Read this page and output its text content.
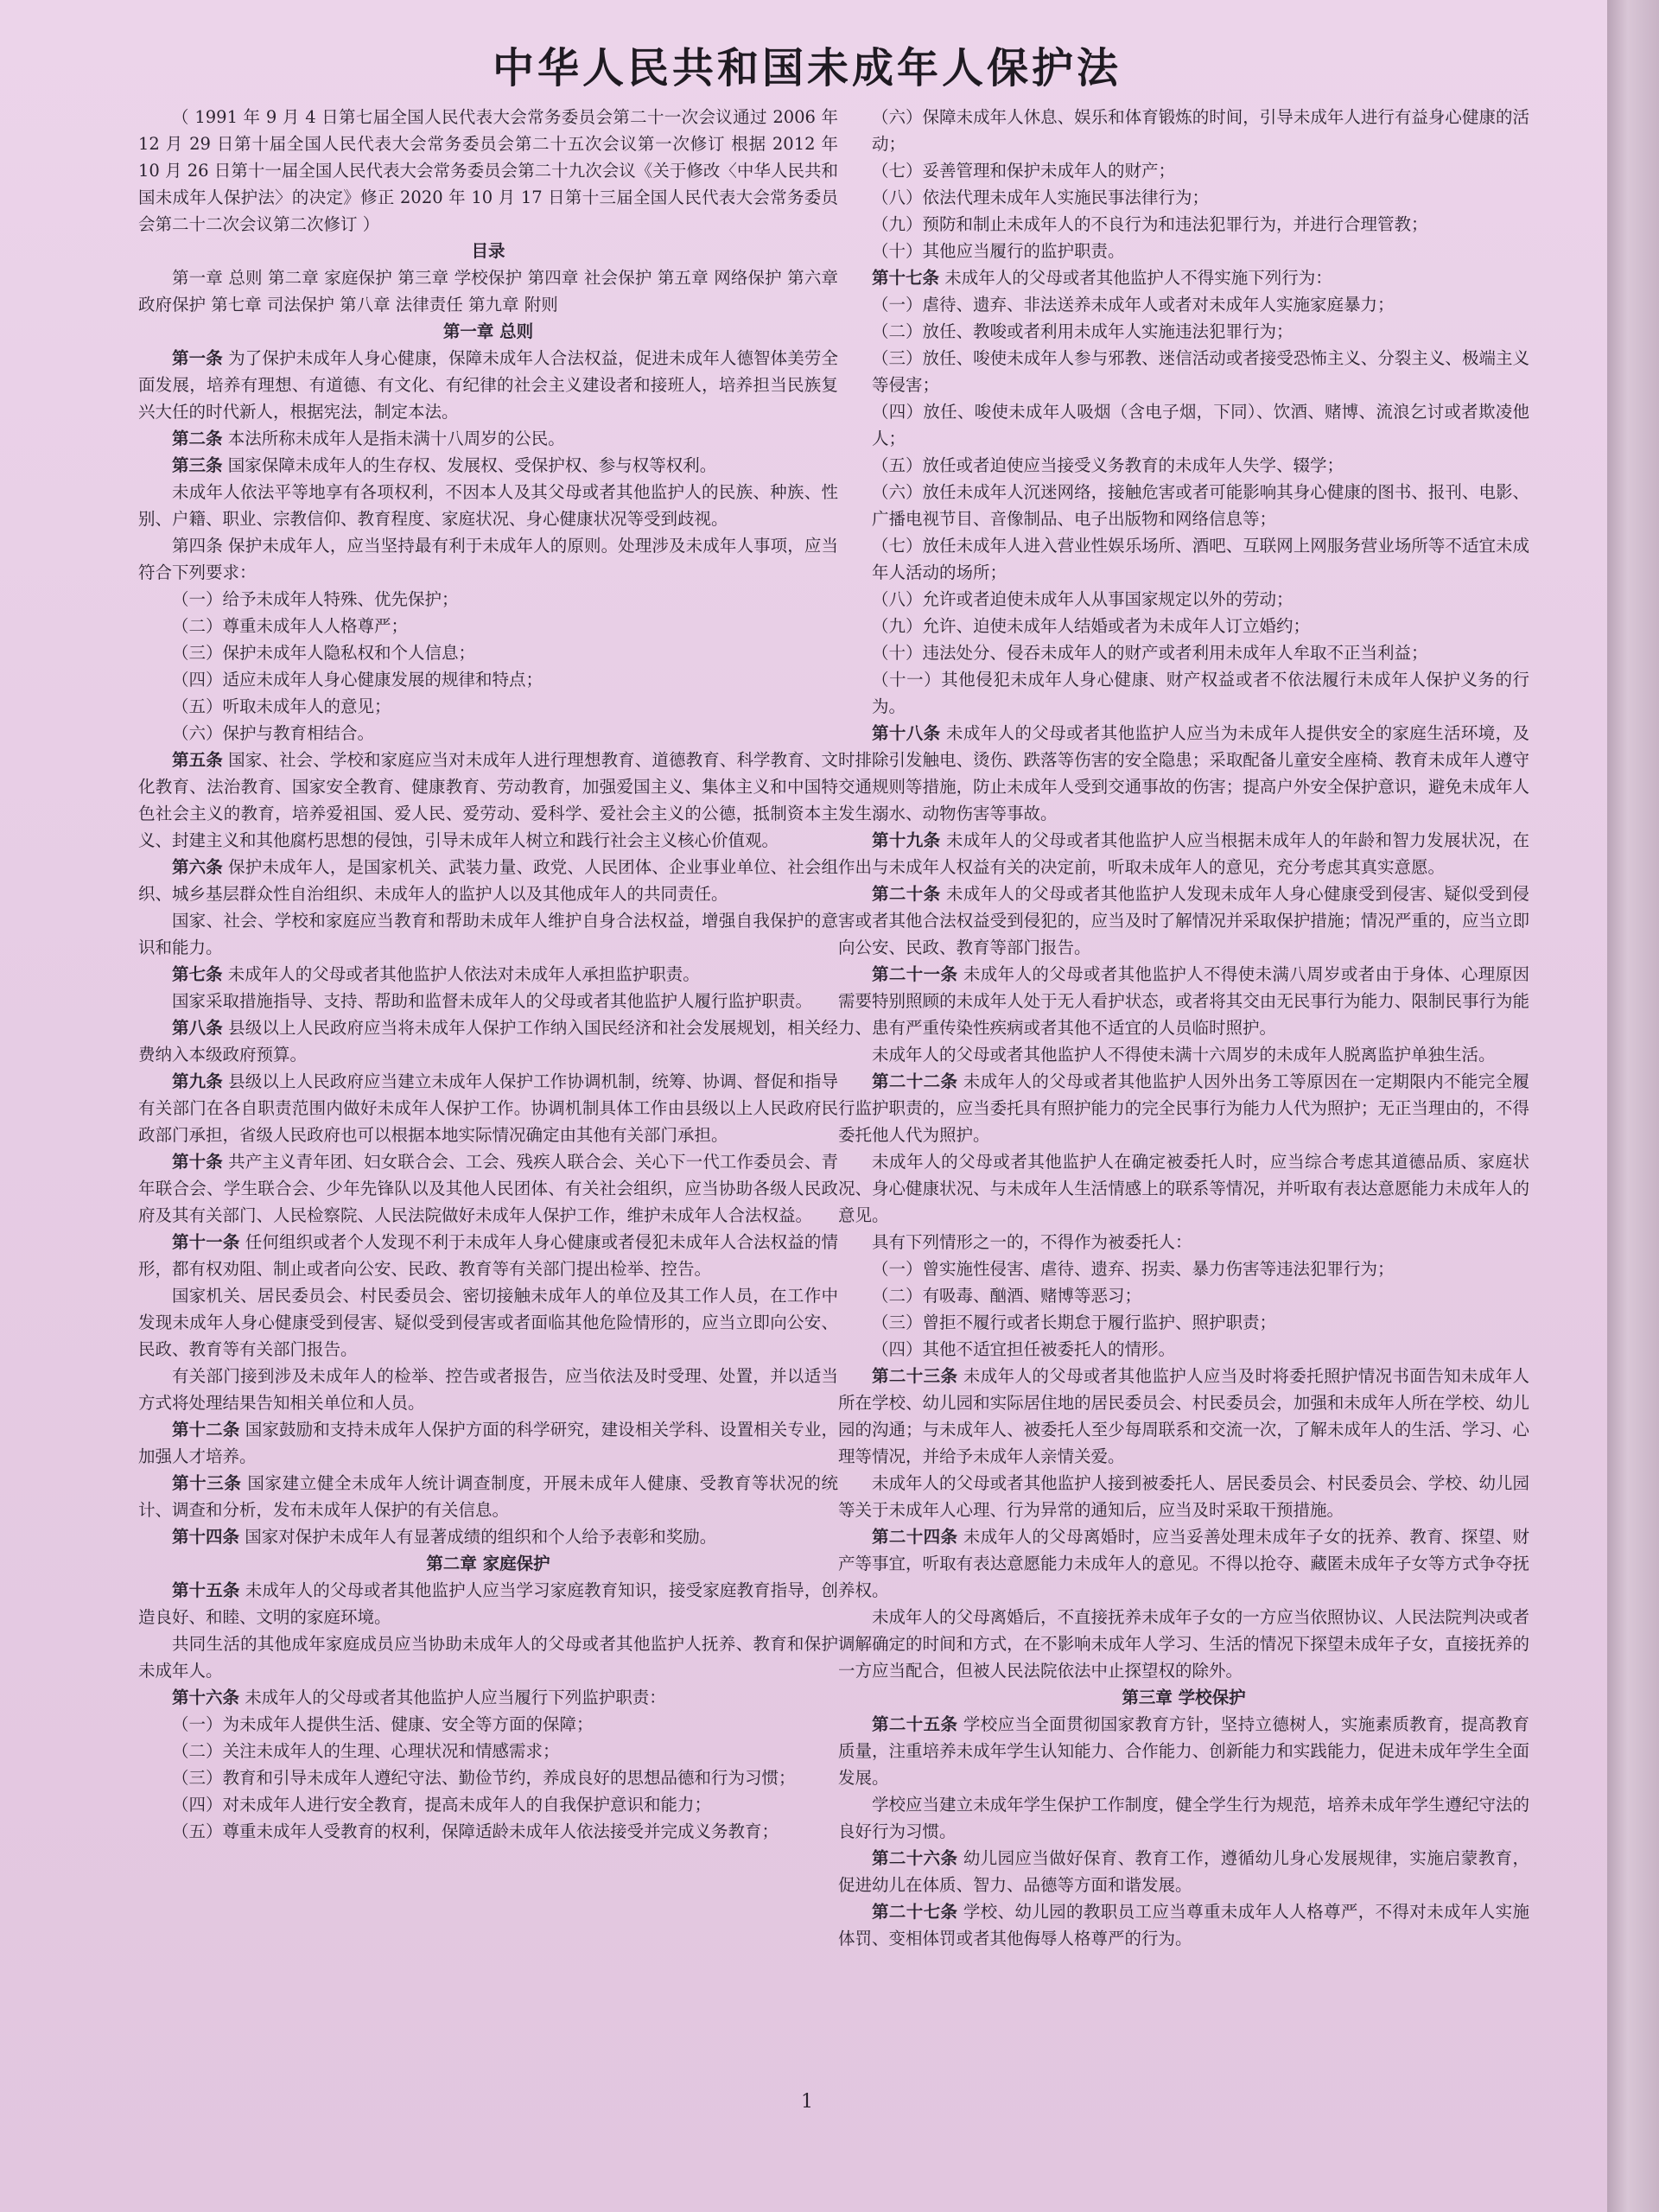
中华人民共和国未成年人保护法

（ 1991 年 9 月 4 日第七届全国人民代表大会常务委员会第二十一次会议通过 2006 年 12 月 29 日第十届全国人民代表大会常务委员会第二十五次会议第一次修订 根据 2012 年 10 月 26 日第十一届全国人民代表大会常务委员会第二十九次会议《关于修改〈中华人民共和国未成年人保护法〉的决定》修正 2020 年 10 月 17 日第十三届全国人民代表大会常务委员会第二十二次会议第二次修订 ）

目录

第一章 总则 第二章 家庭保护 第三章 学校保护 第四章 社会保护 第五章 网络保护 第六章 政府保护 第七章 司法保护 第八章 法律责任 第九章 附则

第一章 总则

第一条 为了保护未成年人身心健康，保障未成年人合法权益，促进未成年人德智体美劳全面发展，培养有理想、有道德、有文化、有纪律的社会主义建设者和接班人，培养担当民族复兴大任的时代新人，根据宪法，制定本法。

第二条 本法所称未成年人是指未满十八周岁的公民。

第三条 国家保障未成年人的生存权、发展权、受保护权、参与权等权利。

未成年人依法平等地享有各项权利，不因本人及其父母或者其他监护人的民族、种族、性别、户籍、职业、宗教信仰、教育程度、家庭状况、身心健康状况等受到歧视。

第四条 保护未成年人，应当坚持最有利于未成年人的原则。处理涉及未成年人事项，应当符合下列要求：

（一）给予未成年人特殊、优先保护；

（二）尊重未成年人人格尊严；

（三）保护未成年人隐私权和个人信息；

（四）适应未成年人身心健康发展的规律和特点；

（五）听取未成年人的意见；

（六）保护与教育相结合。

第五条 国家、社会、学校和家庭应当对未成年人进行理想教育、道德教育、科学教育、文化教育、法治教育、国家安全教育、健康教育、劳动教育，加强爱国主义、集体主义和中国特色社会主义的教育，培养爱祖国、爱人民、爱劳动、爱科学、爱社会主义的公德，抵制资本主义、封建主义和其他腐朽思想的侵蚀，引导未成年人树立和践行社会主义核心价值观。

第六条 保护未成年人，是国家机关、武装力量、政党、人民团体、企业事业单位、社会组织、城乡基层群众性自治组织、未成年人的监护人以及其他成年人的共同责任。

国家、社会、学校和家庭应当教育和帮助未成年人维护自身合法权益，增强自我保护的意识和能力。

第七条 未成年人的父母或者其他监护人依法对未成年人承担监护职责。

国家采取措施指导、支持、帮助和监督未成年人的父母或者其他监护人履行监护职责。

第八条 县级以上人民政府应当将未成年人保护工作纳入国民经济和社会发展规划，相关经费纳入本级政府预算。

第九条 县级以上人民政府应当建立未成年人保护工作协调机制，统筹、协调、督促和指导有关部门在各自职责范围内做好未成年人保护工作。协调机制具体工作由县级以上人民政府民政部门承担，省级人民政府也可以根据本地实际情况确定由其他有关部门承担。

第十条 共产主义青年团、妇女联合会、工会、残疾人联合会、关心下一代工作委员会、青年联合会、学生联合会、少年先锋队以及其他人民团体、有关社会组织，应当协助各级人民政府及其有关部门、人民检察院、人民法院做好未成年人保护工作，维护未成年人合法权益。

第十一条 任何组织或者个人发现不利于未成年人身心健康或者侵犯未成年人合法权益的情形，都有权劝阻、制止或者向公安、民政、教育等有关部门提出检举、控告。

国家机关、居民委员会、村民委员会、密切接触未成年人的单位及其工作人员，在工作中发现未成年人身心健康受到侵害、疑似受到侵害或者面临其他危险情形的，应当立即向公安、民政、教育等有关部门报告。

有关部门接到涉及未成年人的检举、控告或者报告，应当依法及时受理、处置，并以适当方式将处理结果告知相关单位和人员。

第十二条 国家鼓励和支持未成年人保护方面的科学研究，建设相关学科、设置相关专业，加强人才培养。

第十三条 国家建立健全未成年人统计调查制度，开展未成年人健康、受教育等状况的统计、调查和分析，发布未成年人保护的有关信息。

第十四条 国家对保护未成年人有显著成绩的组织和个人给予表彰和奖励。

第二章 家庭保护

第十五条 未成年人的父母或者其他监护人应当学习家庭教育知识，接受家庭教育指导，创造良好、和睦、文明的家庭环境。

共同生活的其他成年家庭成员应当协助未成年人的父母或者其他监护人抚养、教育和保护未成年人。

第十六条 未成年人的父母或者其他监护人应当履行下列监护职责：

（一）为未成年人提供生活、健康、安全等方面的保障；

（二）关注未成年人的生理、心理状况和情感需求；

（三）教育和引导未成年人遵纪守法、勤俭节约，养成良好的思想品德和行为习惯；

（四）对未成年人进行安全教育，提高未成年人的自我保护意识和能力；

（五）尊重未成年人受教育的权利，保障适龄未成年人依法接受并完成义务教育；

（六）保障未成年人休息、娱乐和体育锻炼的时间，引导未成年人进行有益身心健康的活动；

（七）妥善管理和保护未成年人的财产；

（八）依法代理未成年人实施民事法律行为；

（九）预防和制止未成年人的不良行为和违法犯罪行为，并进行合理管教；

（十）其他应当履行的监护职责。

第十七条 未成年人的父母或者其他监护人不得实施下列行为：

（一）虐待、遗弃、非法送养未成年人或者对未成年人实施家庭暴力；

（二）放任、教唆或者利用未成年人实施违法犯罪行为；

（三）放任、唆使未成年人参与邪教、迷信活动或者接受恐怖主义、分裂主义、极端主义等侵害；

（四）放任、唆使未成年人吸烟（含电子烟，下同）、饮酒、赌博、流浪乞讨或者欺凌他人；

（五）放任或者迫使应当接受义务教育的未成年人失学、辍学；

（六）放任未成年人沉迷网络，接触危害或者可能影响其身心健康的图书、报刊、电影、广播电视节目、音像制品、电子出版物和网络信息等；

（七）放任未成年人进入营业性娱乐场所、酒吧、互联网上网服务营业场所等不适宜未成年人活动的场所；

（八）允许或者迫使未成年人从事国家规定以外的劳动；

（九）允许、迫使未成年人结婚或者为未成年人订立婚约；

（十）违法处分、侵吞未成年人的财产或者利用未成年人牟取不正当利益；

（十一）其他侵犯未成年人身心健康、财产权益或者不依法履行未成年人保护义务的行为。

第十八条 未成年人的父母或者其他监护人应当为未成年人提供安全的家庭生活环境，及时排除引发触电、烫伤、跌落等伤害的安全隐患；采取配备儿童安全座椅、教育未成年人遵守交通规则等措施，防止未成年人受到交通事故的伤害；提高户外安全保护意识，避免未成年人发生溺水、动物伤害等事故。

第十九条 未成年人的父母或者其他监护人应当根据未成年人的年龄和智力发展状况，在作出与未成年人权益有关的决定前，听取未成年人的意见，充分考虑其真实意愿。

第二十条 未成年人的父母或者其他监护人发现未成年人身心健康受到侵害、疑似受到侵害或者其他合法权益受到侵犯的，应当及时了解情况并采取保护措施；情况严重的，应当立即向公安、民政、教育等部门报告。

第二十一条 未成年人的父母或者其他监护人不得使未满八周岁或者由于身体、心理原因需要特别照顾的未成年人处于无人看护状态，或者将其交由无民事行为能力、限制民事行为能力、患有严重传染性疾病或者其他不适宜的人员临时照护。

未成年人的父母或者其他监护人不得使未满十六周岁的未成年人脱离监护单独生活。

第二十二条 未成年人的父母或者其他监护人因外出务工等原因在一定期限内不能完全履行监护职责的，应当委托具有照护能力的完全民事行为能力人代为照护；无正当理由的，不得委托他人代为照护。

未成年人的父母或者其他监护人在确定被委托人时，应当综合考虑其道德品质、家庭状况、身心健康状况、与未成年人生活情感上的联系等情况，并听取有表达意愿能力未成年人的意见。

具有下列情形之一的，不得作为被委托人：

（一）曾实施性侵害、虐待、遗弃、拐卖、暴力伤害等违法犯罪行为；

（二）有吸毒、酗酒、赌博等恶习；

（三）曾拒不履行或者长期怠于履行监护、照护职责；

（四）其他不适宜担任被委托人的情形。

第二十三条 未成年人的父母或者其他监护人应当及时将委托照护情况书面告知未成年人所在学校、幼儿园和实际居住地的居民委员会、村民委员会，加强和未成年人所在学校、幼儿园的沟通；与未成年人、被委托人至少每周联系和交流一次，了解未成年人的生活、学习、心理等情况，并给予未成年人亲情关爱。

未成年人的父母或者其他监护人接到被委托人、居民委员会、村民委员会、学校、幼儿园等关于未成年人心理、行为异常的通知后，应当及时采取干预措施。

第二十四条 未成年人的父母离婚时，应当妥善处理未成年子女的抚养、教育、探望、财产等事宜，听取有表达意愿能力未成年人的意见。不得以抢夺、藏匿未成年子女等方式争夺抚养权。

未成年人的父母离婚后，不直接抚养未成年子女的一方应当依照协议、人民法院判决或者调解确定的时间和方式，在不影响未成年人学习、生活的情况下探望未成年子女，直接抚养的一方应当配合，但被人民法院依法中止探望权的除外。

第三章 学校保护

第二十五条 学校应当全面贯彻国家教育方针，坚持立德树人，实施素质教育，提高教育质量，注重培养未成年学生认知能力、合作能力、创新能力和实践能力，促进未成年学生全面发展。

学校应当建立未成年学生保护工作制度，健全学生行为规范，培养未成年学生遵纪守法的良好行为习惯。

第二十六条 幼儿园应当做好保育、教育工作，遵循幼儿身心发展规律，实施启蒙教育，促进幼儿在体质、智力、品德等方面和谐发展。

第二十七条 学校、幼儿园的教职员工应当尊重未成年人人格尊严，不得对未成年人实施体罚、变相体罚或者其他侮辱人格尊严的行为。

1
